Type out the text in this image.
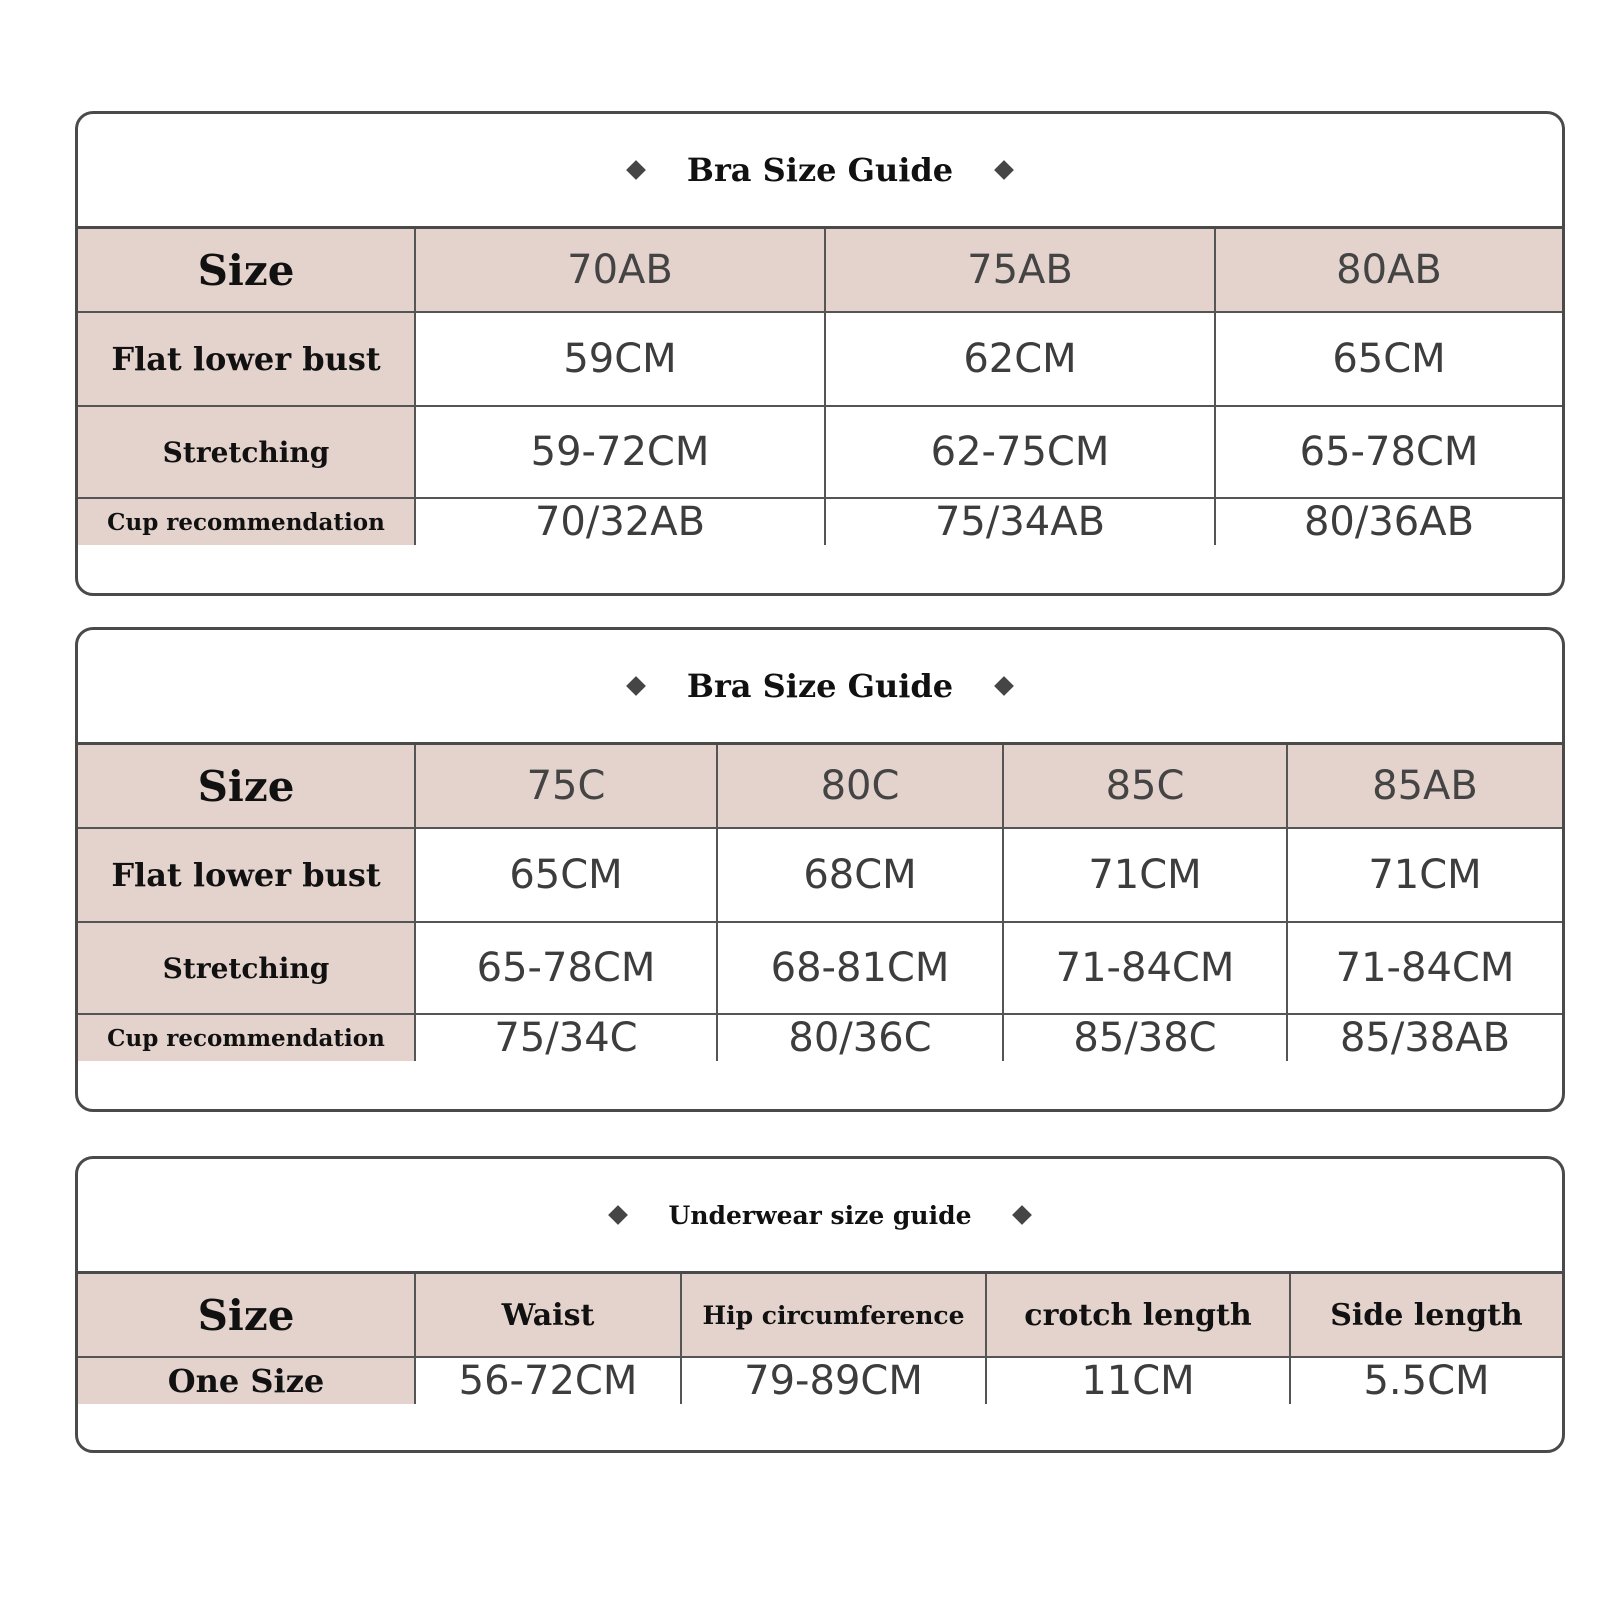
Bra Size Guide
Size	70AB	75AB	80AB
Flat lower bust	59CM	62CM	65CM
Stretching	59-72CM	62-75CM	65-78CM
Cup recommendation	70/32AB	75/34AB	80/36AB
Bra Size Guide
Size	75C	80C	85C	85AB
Flat lower bust	65CM	68CM	71CM	71CM
Stretching	65-78CM	68-81CM	71-84CM	71-84CM
Cup recommendation	75/34C	80/36C	85/38C	85/38AB
Underwear size guide
Size	Waist	Hip circumference	crotch length	Side length
One Size	56-72CM	79-89CM	11CM	5.5CM
